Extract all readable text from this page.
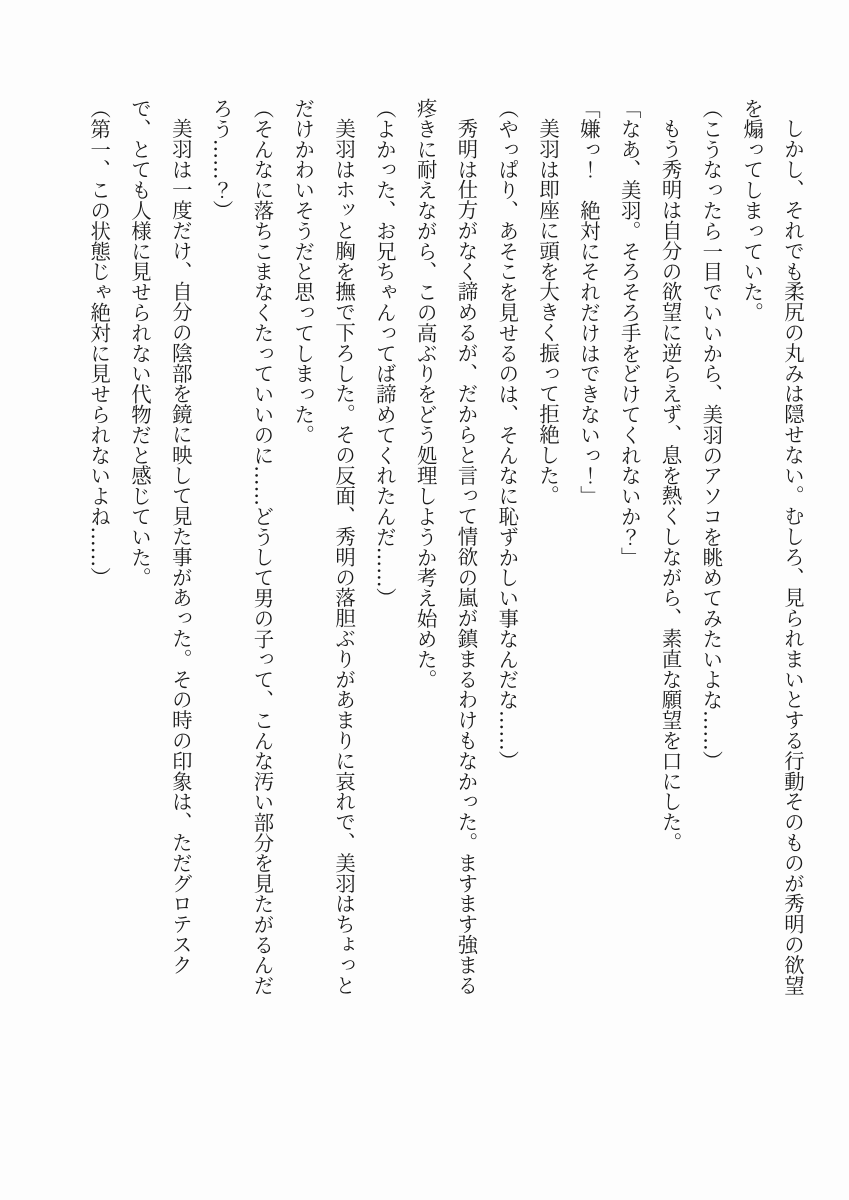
しかし、それでも柔尻の丸みは隠せない。むしろ、見られまいとする行動そのものが秀明の欲望を煽ってしまっていた。

（こうなったら一目でいいから、美羽のアソコを眺めてみたいよな……）

もう秀明は自分の欲望に逆らえず、息を熱くしながら、素直な願望を口にした。

「なあ、美羽。そろそろ手をどけてくれないか？」

「嫌っ！　絶対にそれだけはできないっ！」

美羽は即座に頭を大きく振って拒絶した。

（やっぱり、あそこを見せるのは、そんなに恥ずかしい事なんだな……）

秀明は仕方がなく諦めるが、だからと言って情欲の嵐が鎮まるわけもなかった。ますます強まる疼きに耐えながら、この高ぶりをどう処理しようか考え始めた。

（よかった、お兄ちゃんってば諦めてくれたんだ……）

美羽はホッと胸を撫で下ろした。その反面、秀明の落胆ぶりがあまりに哀れで、美羽はちょっとだけかわいそうだと思ってしまった。

（そんなに落ちこまなくたっていいのに……どうして男の子って、こんな汚い部分を見たがるんだろう……？）

美羽は一度だけ、自分の陰部を鏡に映して見た事があった。その時の印象は、ただグロテスクで、とても人様に見せられない代物だと感じていた。

（第一、この状態じゃ絶対に見せられないよね……）
